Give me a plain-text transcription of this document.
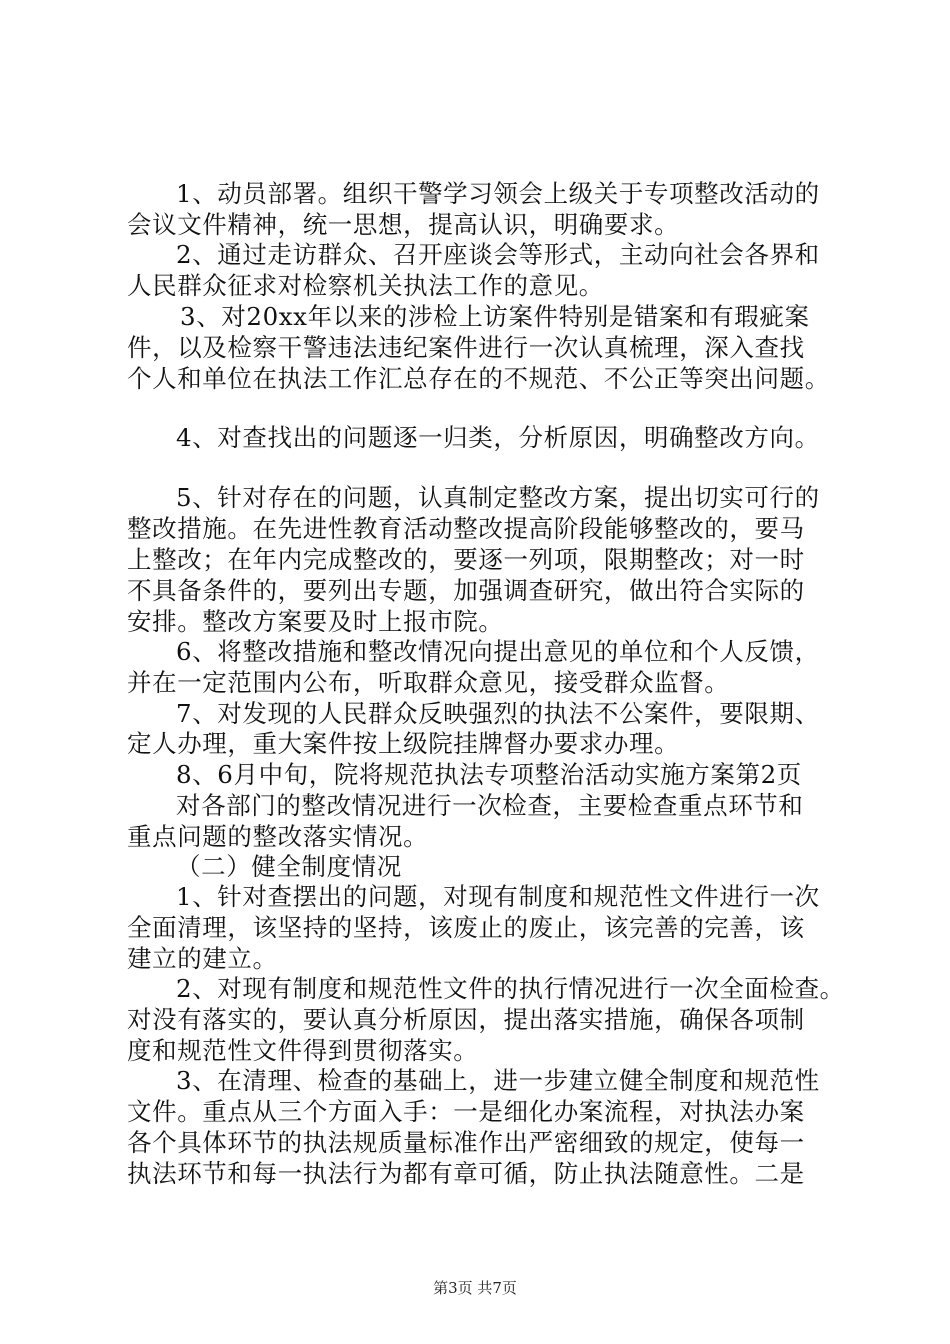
1、动员部署。组织干警学习领会上级关于专项整改活动的
会议文件精神，统一思想，提高认识，明确要求。
2、通过走访群众、召开座谈会等形式，主动向社会各界和
人民群众征求对检察机关执法工作的意见。
3、对20xx年以来的涉检上访案件特别是错案和有瑕疵案
件，以及检察干警违法违纪案件进行一次认真梳理，深入查找
个人和单位在执法工作汇总存在的不规范、不公正等突出问题。
4、对查找出的问题逐一归类，分析原因，明确整改方向。
5、针对存在的问题，认真制定整改方案，提出切实可行的
整改措施。在先进性教育活动整改提高阶段能够整改的，要马
上整改；在年内完成整改的，要逐一列项，限期整改；对一时
不具备条件的，要列出专题，加强调查研究，做出符合实际的
安排。整改方案要及时上报市院。
6、将整改措施和整改情况向提出意见的单位和个人反馈，
并在一定范围内公布，听取群众意见，接受群众监督。
7、对发现的人民群众反映强烈的执法不公案件，要限期、
定人办理，重大案件按上级院挂牌督办要求办理。
8、6月中旬，院将规范执法专项整治活动实施方案第2页
对各部门的整改情况进行一次检查，主要检查重点环节和
重点问题的整改落实情况。
（二）健全制度情况
1、针对查摆出的问题，对现有制度和规范性文件进行一次
全面清理，该坚持的坚持，该废止的废止，该完善的完善，该
建立的建立。
2、对现有制度和规范性文件的执行情况进行一次全面检查。
对没有落实的，要认真分析原因，提出落实措施，确保各项制
度和规范性文件得到贯彻落实。
3、在清理、检查的基础上，进一步建立健全制度和规范性
文件。重点从三个方面入手：一是细化办案流程，对执法办案
各个具体环节的执法规质量标准作出严密细致的规定，使每一
执法环节和每一执法行为都有章可循，防止执法随意性。二是
第3页 共7页
